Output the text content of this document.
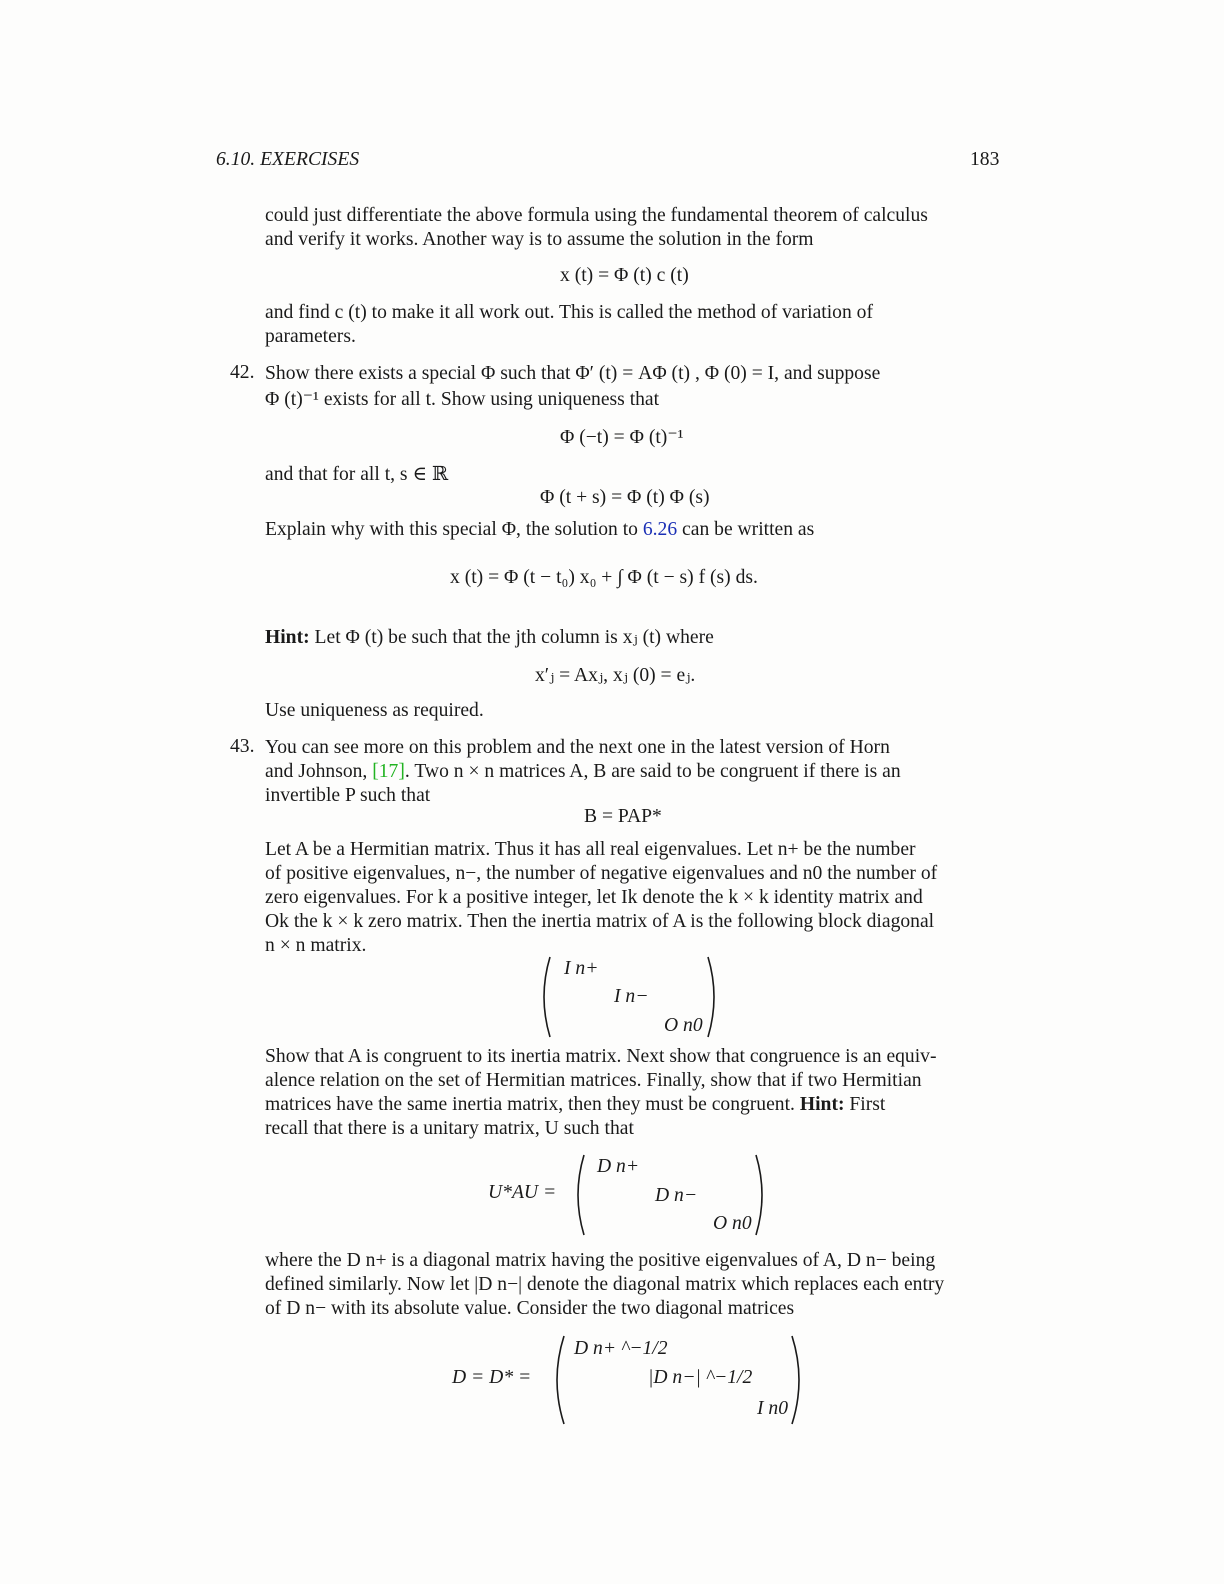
6.10. EXERCISES	183
could just differentiate the above formula using the fundamental theorem of calculus
and verify it works. Another way is to assume the solution in the form
x (t) = Φ (t) c (t)
and find c (t) to make it all work out. This is called the method of variation of
parameters.
42. Show there exists a special Φ such that Φ′ (t) = AΦ (t) , Φ (0) = I, and suppose
Φ (t)⁻¹ exists for all t. Show using uniqueness that
Φ (−t) = Φ (t)⁻¹
and that for all t, s ∈ ℝ
Φ (t + s) = Φ (t) Φ (s)
Explain why with this special Φ, the solution to 6.26 can be written as
x (t) = Φ (t − t₀) x₀ + ∫ Φ (t − s) f (s) ds.
Hint: Let Φ (t) be such that the jth column is xⱼ (t) where
x′ⱼ = Axⱼ, xⱼ (0) = eⱼ.
Use uniqueness as required.
43. You can see more on this problem and the next one in the latest version of Horn
and Johnson, [17]. Two n × n matrices A, B are said to be congruent if there is an
invertible P such that
B = PAP*
Let A be a Hermitian matrix. Thus it has all real eigenvalues. Let n+ be the number
of positive eigenvalues, n−, the number of negative eigenvalues and n0 the number of
zero eigenvalues. For k a positive integer, let Ik denote the k × k identity matrix and
Ok the k × k zero matrix. Then the inertia matrix of A is the following block diagonal
n × n matrix.
I n+
I n−
O n0
Show that A is congruent to its inertia matrix. Next show that congruence is an equiv-
alence relation on the set of Hermitian matrices. Finally, show that if two Hermitian
matrices have the same inertia matrix, then they must be congruent. Hint: First
recall that there is a unitary matrix, U such that
U*AU =
D n+
D n−
O n0
where the D n+ is a diagonal matrix having the positive eigenvalues of A, D n− being
defined similarly. Now let |D n−| denote the diagonal matrix which replaces each entry
of D n− with its absolute value. Consider the two diagonal matrices
D = D* =
D n+ ^−1/2
|D n−| ^−1/2
I n0
